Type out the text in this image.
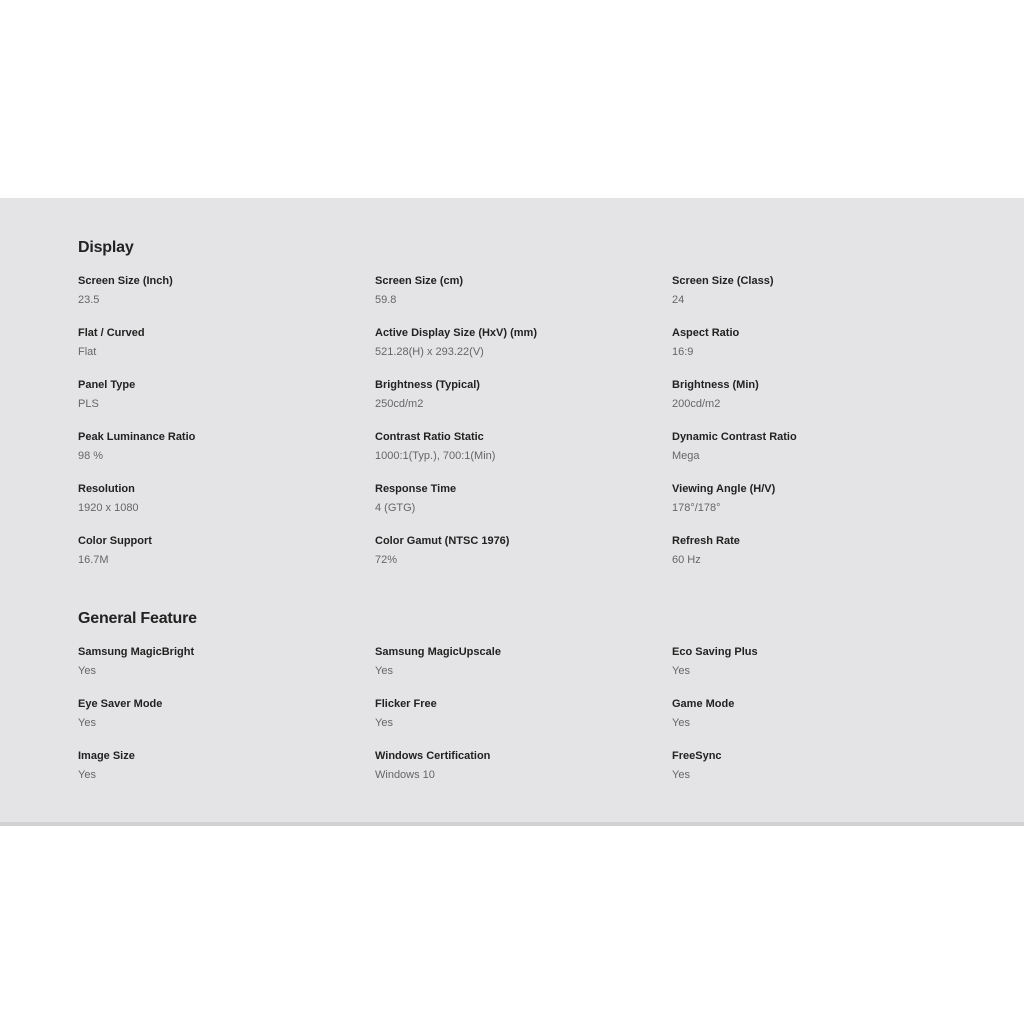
Display
Screen Size (Inch)
23.5
Screen Size (cm)
59.8
Screen Size (Class)
24
Flat / Curved
Flat
Active Display Size (HxV) (mm)
521.28(H) x 293.22(V)
Aspect Ratio
16:9
Panel Type
PLS
Brightness (Typical)
250cd/m2
Brightness (Min)
200cd/m2
Peak Luminance Ratio
98 %
Contrast Ratio Static
1000:1(Typ.), 700:1(Min)
Dynamic Contrast Ratio
Mega
Resolution
1920 x 1080
Response Time
4 (GTG)
Viewing Angle (H/V)
178°/178°
Color Support
16.7M
Color Gamut (NTSC 1976)
72%
Refresh Rate
60 Hz
General Feature
Samsung MagicBright
Yes
Samsung MagicUpscale
Yes
Eco Saving Plus
Yes
Eye Saver Mode
Yes
Flicker Free
Yes
Game Mode
Yes
Image Size
Yes
Windows Certification
Windows 10
FreeSync
Yes
